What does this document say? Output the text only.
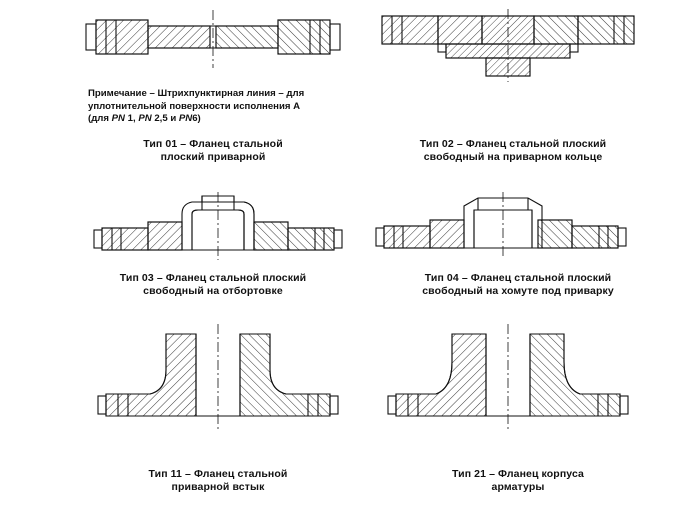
Примечание – Штрихпунктирная линия – для
уплотнительной поверхности исполнения А
(для PN 1, PN 2,5 и PN6)
Тип 01 – Фланец стальной
плоский приварной
Тип 02 – Фланец стальной плоский
свободный на приварном кольце
Тип 03 – Фланец стальной плоский
свободный на отбортовке
Тип 04 – Фланец стальной плоский
свободный на хомуте под приварку
Тип 11 – Фланец стальной
приварной встык
Тип 21 – Фланец корпуса
арматуры
